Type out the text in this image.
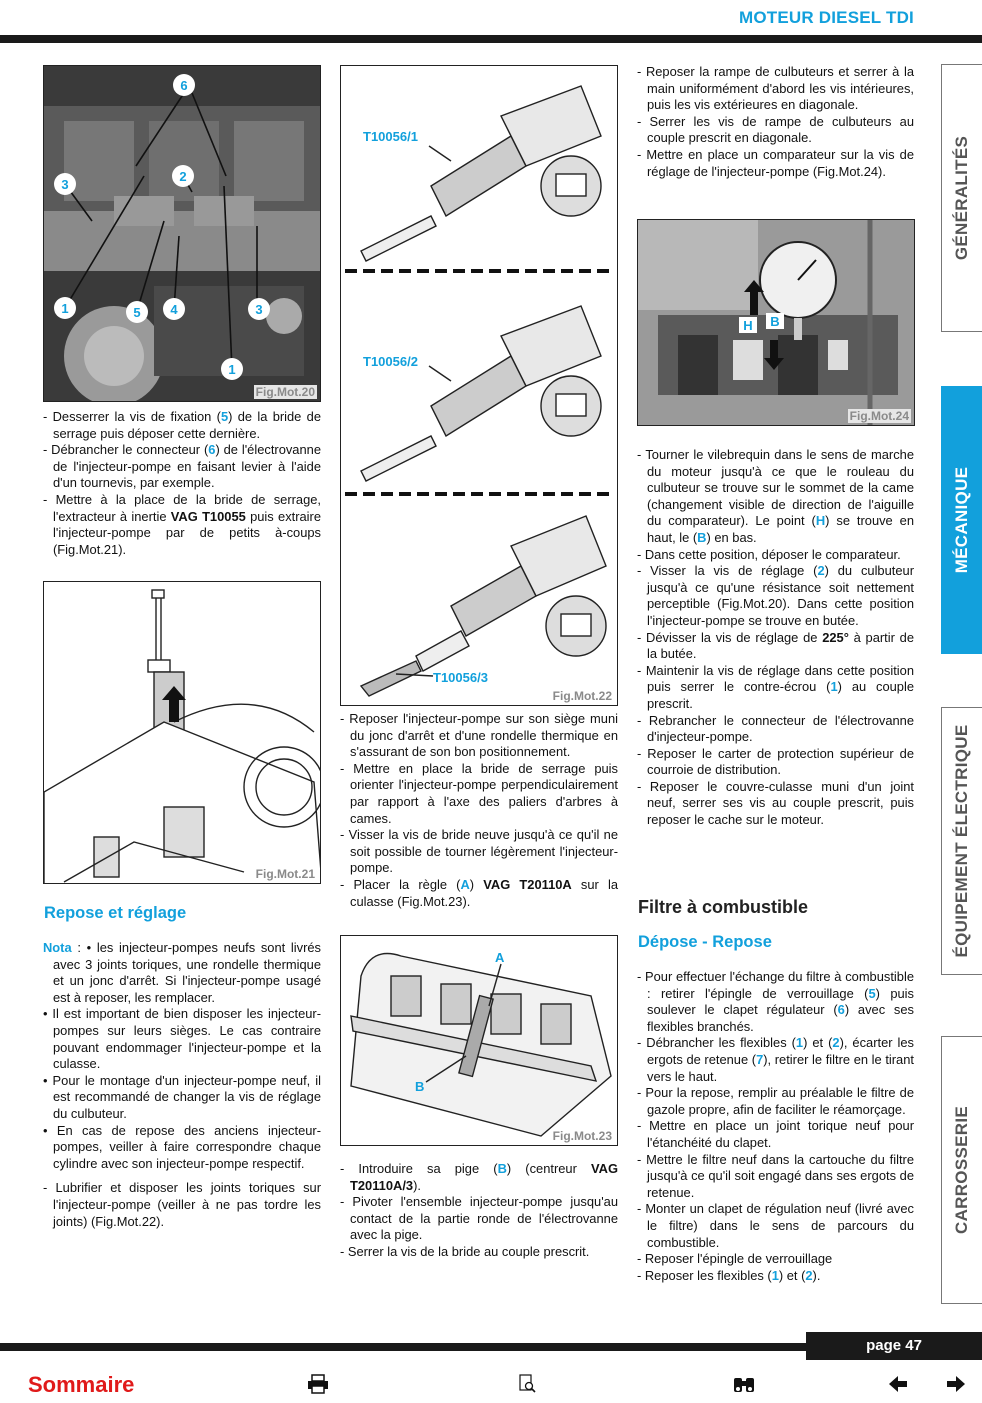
MOTEUR DIESEL TDI
GÉNÉRALITÉS
MÉCANIQUE
ÉQUIPEMENT ÉLECTRIQUE
CARROSSERIE
6
2
3
1	5 4	3
1
Fig.Mot.20

- Desserrer la vis de fixation (5) de la bride de serrage puis déposer cette dernière.

- Débrancher le connecteur (6) de l'électrovanne de l'injecteur-pompe en faisant levier à l'aide d'un tournevis, par exemple.

- Mettre à la place de la bride de serrage, l'extracteur à inertie VAG T10055 puis extraire l'injecteur-pompe par de petits à-coups (Fig.Mot.21).

Fig.Mot.21
Repose et réglage

Nota : • les injecteur-pompes neufs sont livrés avec 3 joints toriques, une rondelle thermique et un jonc d'arrêt. Si l'injecteur-pompe usagé est à reposer, les remplacer.

• Il est important de bien disposer les injecteur-pompes sur leurs sièges. Le cas contraire pouvant endommager l'injecteur-pompe et la culasse.

• Pour le montage d'un injecteur-pompe neuf, il est recommandé de changer la vis de réglage du culbuteur.

• En cas de repose des anciens injecteur-pompes, veiller à faire correspondre chaque cylindre avec son injecteur-pompe respectif.

- Lubrifier et disposer les joints toriques sur l'injecteur-pompe (veiller à ne pas tordre les joints) (Fig.Mot.22).

T10056/1
T10056/2
T10056/3
Fig.Mot.22

- Reposer l'injecteur-pompe sur son siège muni du jonc d'arrêt et d'une rondelle thermique en s'assurant de son bon positionnement.

- Mettre en place la bride de serrage puis orienter l'injecteur-pompe perpendiculairement par rapport à l'axe des paliers d'arbres à cames.

- Visser la vis de bride neuve jusqu'à ce qu'il ne soit possible de tourner légèrement l'injecteur-pompe.

- Placer la règle (A) VAG T20110A sur la culasse (Fig.Mot.23).

A
B
Fig.Mot.23

- Introduire sa pige (B) (centreur VAG T20110A/3).

- Pivoter l'ensemble injecteur-pompe jusqu'au contact de la partie ronde de l'électrovanne avec la pige.

- Serrer la vis de la bride au couple prescrit.

- Reposer la rampe de culbuteurs et serrer à la main uniformément d'abord les vis intérieures, puis les vis extérieures en diagonale.

- Serrer les vis de rampe de culbuteurs au couple prescrit en diagonale.

- Mettre en place un comparateur sur la vis de réglage de l'injecteur-pompe (Fig.Mot.24).

H B
Fig.Mot.24

- Tourner le vilebrequin dans le sens de marche du moteur jusqu'à ce que le rouleau du culbuteur se trouve sur le sommet de la came (changement visible de direction de l'aiguille du comparateur). Le point (H) se trouve en haut, le (B) en bas.

- Dans cette position, déposer le comparateur.

- Visser la vis de réglage (2) du culbuteur jusqu'à ce qu'une résistance soit nettement perceptible (Fig.Mot.20). Dans cette position l'injecteur-pompe se trouve en butée.

- Dévisser la vis de réglage de 225° à partir de la butée.

- Maintenir la vis de réglage dans cette position puis serrer le contre-écrou (1) au couple prescrit.

- Rebrancher le connecteur de l'électrovanne d'injecteur-pompe.

- Reposer le carter de protection supérieur de courroie de distribution.

- Reposer le couvre-culasse muni d'un joint neuf, serrer ses vis au couple prescrit, puis reposer le cache sur le moteur.

Filtre à combustible
Dépose - Repose

- Pour effectuer l'échange du filtre à combustible : retirer l'épingle de verrouillage (5) puis soulever le clapet régulateur (6) avec ses flexibles branchés.

- Débrancher les flexibles (1) et (2), écarter les ergots de retenue (7), retirer le filtre en le tirant vers le haut.

- Pour la repose, remplir au préalable le filtre de gazole propre, afin de faciliter le réamorçage.

- Mettre en place un joint torique neuf pour l'étanchéité du clapet.

- Mettre le filtre neuf dans la cartouche du filtre jusqu'à ce qu'il soit engagé dans ses ergots de retenue.

- Monter un clapet de régulation neuf (livré avec le filtre) dans le sens de parcours du combustible.

- Reposer l'épingle de verrouillage

- Reposer les flexibles (1) et (2).

page 47
Sommaire
